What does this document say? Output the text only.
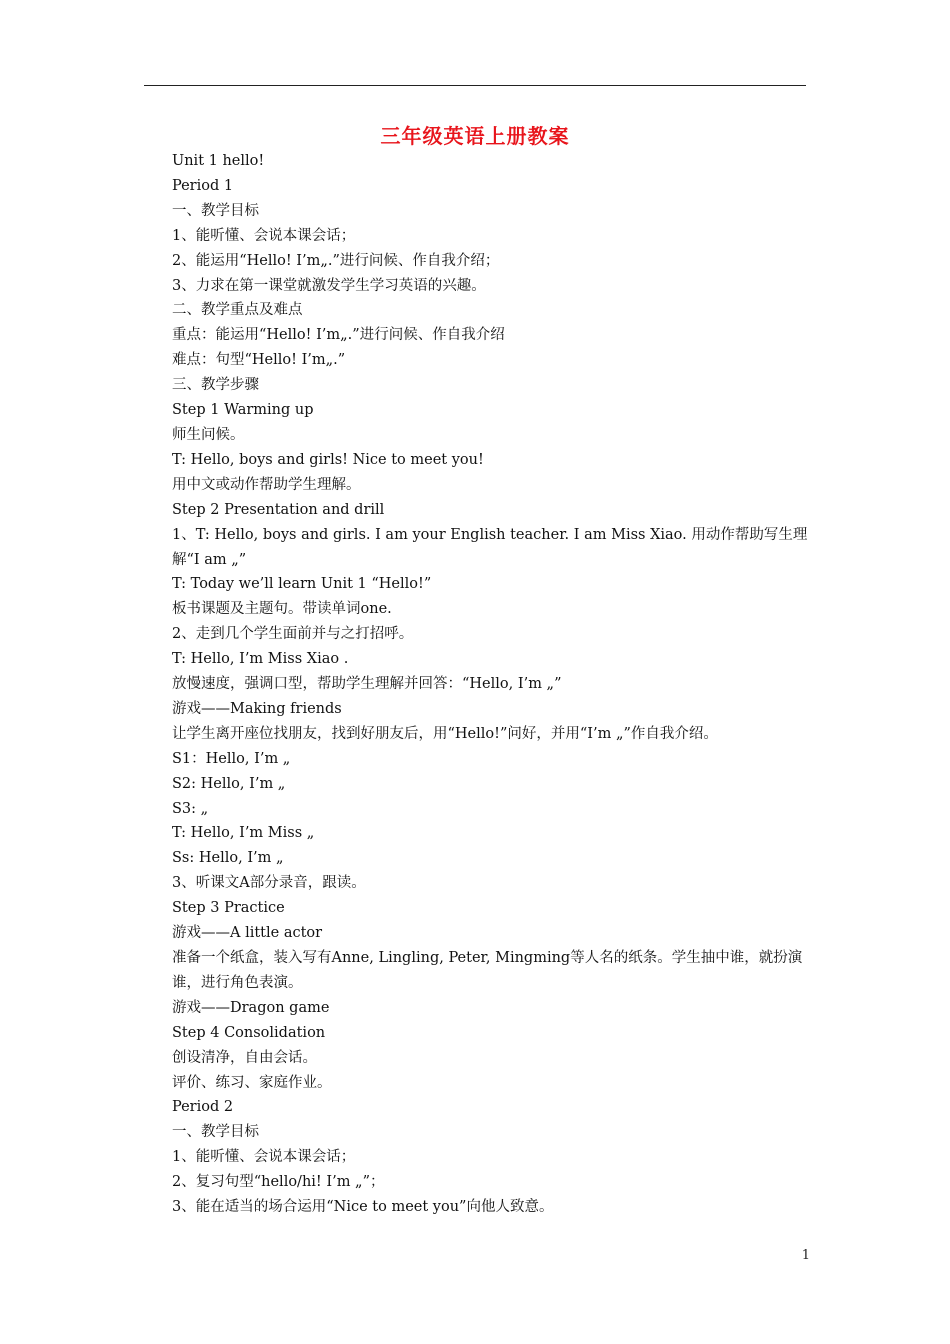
三年级英语上册教案

Unit 1 hello!

Period 1

一、教学目标

1、能听懂、会说本课会话；

2、能运用“Hello! I’m„.”进行问候、作自我介绍；

3、力求在第一课堂就激发学生学习英语的兴趣。

二、教学重点及难点

重点：能运用“Hello! I’m„.”进行问候、作自我介绍

难点：句型“Hello! I’m„.”

三、教学步骤

Step 1 Warming up

师生问候。

T: Hello, boys and girls! Nice to meet you!

用中文或动作帮助学生理解。

Step 2 Presentation and drill

1、T: Hello, boys and girls. I am your English teacher. I am Miss Xiao. 用动作帮助写生理解“I am „”

T: Today we’ll learn Unit 1 “Hello!”

板书课题及主题句。带读单词one.

2、走到几个学生面前并与之打招呼。

T: Hello, I’m Miss Xiao .

放慢速度，强调口型，帮助学生理解并回答：“Hello, I’m „”

游戏——Making friends

让学生离开座位找朋友，找到好朋友后，用“Hello!”问好，并用“I’m „”作自我介绍。

S1：Hello, I’m „

S2: Hello, I’m „

S3: „

T: Hello, I’m Miss „

Ss: Hello, I’m „

3、听课文A部分录音，跟读。

Step 3 Practice

游戏——A little actor

准备一个纸盒，装入写有Anne, Lingling, Peter, Mingming等人名的纸条。学生抽中谁，就扮演谁，进行角色表演。

游戏——Dragon game

Step 4 Consolidation

创设清净，自由会话。

评价、练习、家庭作业。

Period 2

一、教学目标

1、能听懂、会说本课会话；

2、复习句型“hello/hi! I’m „”；

3、能在适当的场合运用“Nice to meet you”向他人致意。

1
